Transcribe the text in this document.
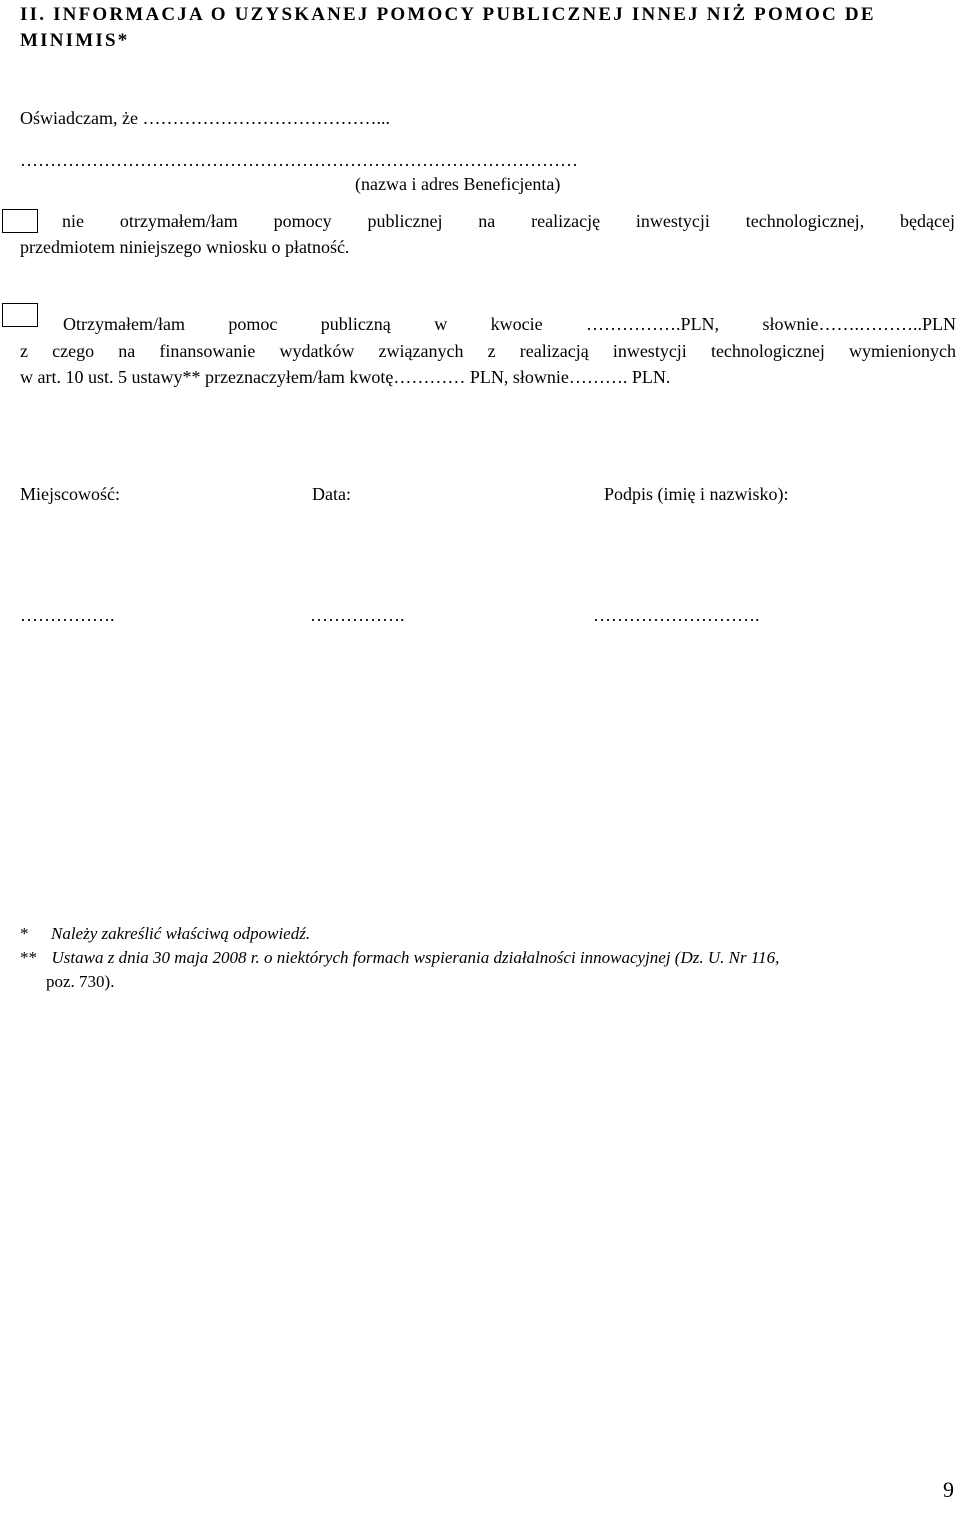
II. INFORMACJA O UZYSKANEJ POMOCY PUBLICZNEJ INNEJ NIŻ POMOC DE MINIMIS*
Oświadczam, że …………………………………...
…………………………………………………………………………………
(nazwa i adres Beneficjenta)
nie otrzymałem/łam pomocy publicznej na realizację inwestycji technologicznej, będącej
przedmiotem niniejszego wniosku o płatność.
Otrzymałem/łam pomoc publiczną w kwocie …………….PLN, słownie…….………..PLN
z czego na finansowanie wydatków związanych z realizacją inwestycji technologicznej wymienionych
w art. 10 ust. 5 ustawy** przeznaczyłem/łam kwotę………… PLN, słownie………. PLN.
Miejscowość:	Data:	Podpis (imię i nazwisko):
…………….	…………….	……………………….
* Należy zakreślić właściwą odpowiedź.
** Ustawa z dnia 30 maja 2008 r. o niektórych formach wspierania działalności innowacyjnej (Dz. U. Nr 116,
poz. 730).
9
